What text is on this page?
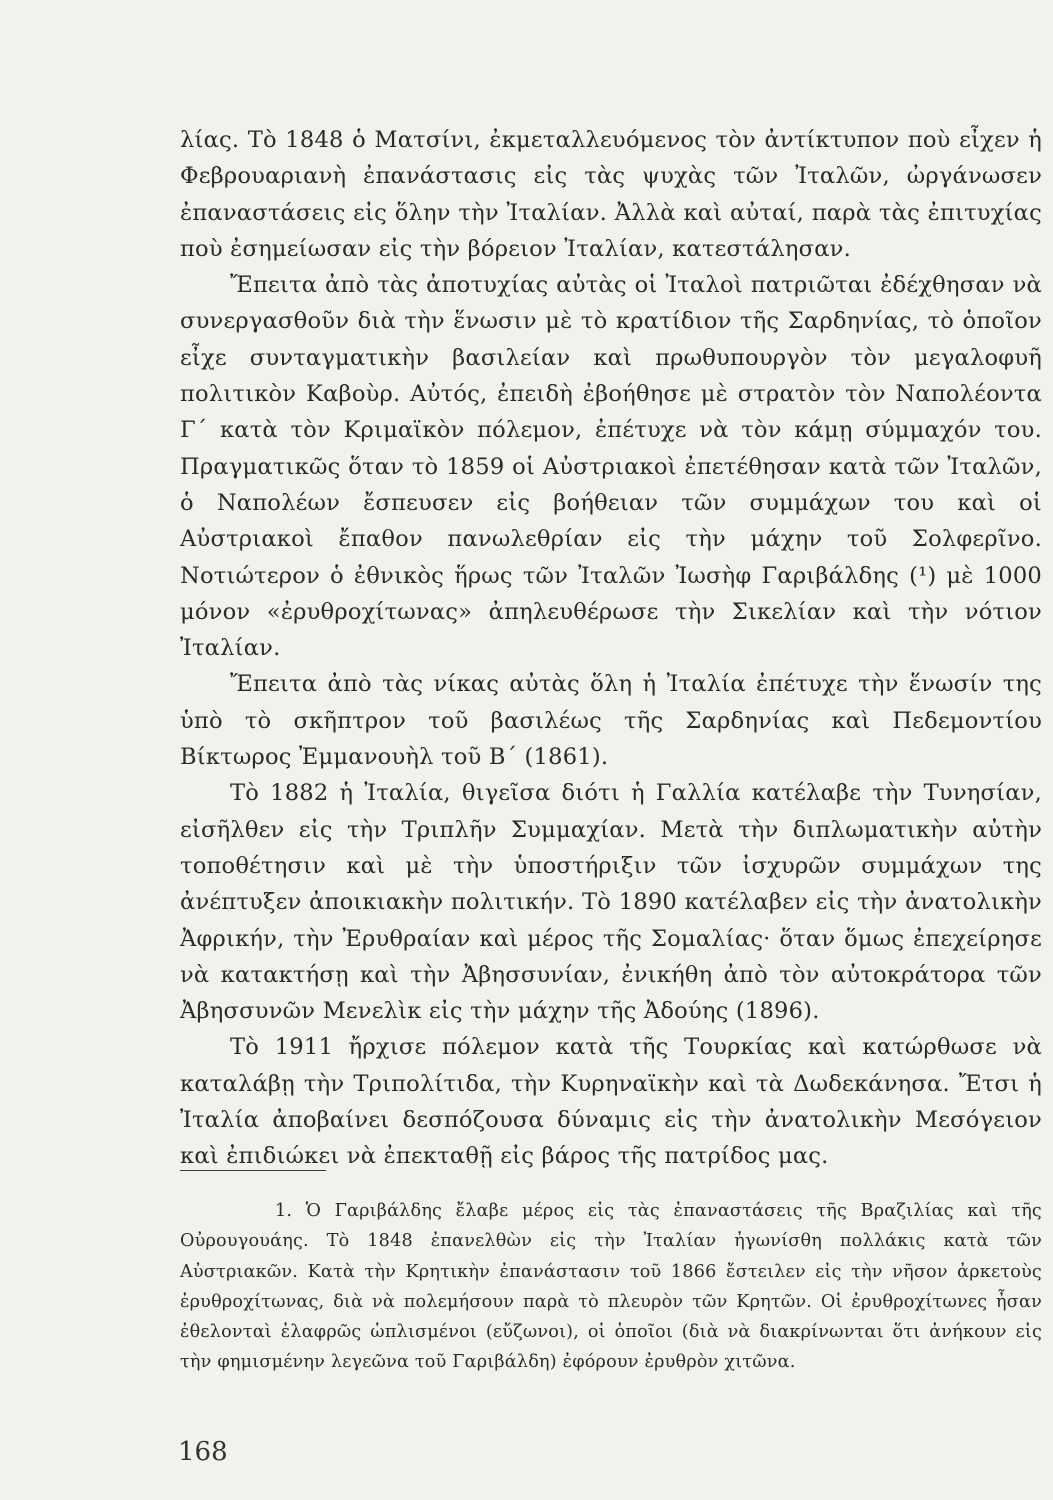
λίας. Τὸ 1848 ὁ Ματσίνι, ἐκμεταλλευόμενος τὸν ἀντίκτυπον ποὺ εἶχεν ἡ Φεβρουαριανὴ ἐπανάστασις εἰς τὰς ψυχὰς τῶν Ἰταλῶν, ὠργάνωσεν ἐπαναστάσεις εἰς ὅλην τὴν Ἰταλίαν. Ἀλλὰ καὶ αὐταί, παρὰ τὰς ἐπιτυχίας ποὺ ἐσημείωσαν εἰς τὴν βόρειον Ἰταλίαν, κατεστάλησαν.

Ἔπειτα ἀπὸ τὰς ἀποτυχίας αὐτὰς οἱ Ἰταλοὶ πατριῶται ἐδέχθησαν νὰ συνεργασθοῦν διὰ τὴν ἕνωσιν μὲ τὸ κρατίδιον τῆς Σαρδηνίας, τὸ ὁποῖον εἶχε συνταγματικὴν βασιλείαν καὶ πρωθυπουργὸν τὸν μεγαλοφυῆ πολιτικὸν Καβοὺρ. Αὐτός, ἐπειδὴ ἐβοήθησε μὲ στρατὸν τὸν Ναπολέοντα Γ΄ κατὰ τὸν Κριμαϊκὸν πόλεμον, ἐπέτυχε νὰ τὸν κάμῃ σύμμαχόν του. Πραγματικῶς ὅταν τὸ 1859 οἱ Αὐστριακοὶ ἐπετέθησαν κατὰ τῶν Ἰταλῶν, ὁ Ναπολέων ἔσπευσεν εἰς βοήθειαν τῶν συμμάχων του καὶ οἱ Αὐστριακοὶ ἔπαθον πανωλεθρίαν εἰς τὴν μάχην τοῦ Σολφερῖνο. Νοτιώτερον ὁ ἐθνικὸς ἥρως τῶν Ἰταλῶν Ἰωσὴφ Γαριβάλδης (¹) μὲ 1000 μόνον «ἐρυθροχίτωνας» ἀπηλευθέρωσε τὴν Σικελίαν καὶ τὴν νότιον Ἰταλίαν.

Ἔπειτα ἀπὸ τὰς νίκας αὐτὰς ὅλη ἡ Ἰταλία ἐπέτυχε τὴν ἕνωσίν της ὑπὸ τὸ σκῆπτρον τοῦ βασιλέως τῆς Σαρδηνίας καὶ Πεδεμοντίου Βίκτωρος Ἐμμανουὴλ τοῦ Β΄ (1861).

Τὸ 1882 ἡ Ἰταλία, θιγεῖσα διότι ἡ Γαλλία κατέλαβε τὴν Τυνησίαν, εἰσῆλθεν εἰς τὴν Τριπλῆν Συμμαχίαν. Μετὰ τὴν διπλωματικὴν αὐτὴν τοποθέτησιν καὶ μὲ τὴν ὑποστήριξιν τῶν ἰσχυρῶν συμμάχων της ἀνέπτυξεν ἀποικιακὴν πολιτικήν. Τὸ 1890 κατέλαβεν εἰς τὴν ἀνατολικὴν Ἀφρικήν, τὴν Ἐρυθραίαν καὶ μέρος τῆς Σομαλίας· ὅταν ὅμως ἐπεχείρησε νὰ κατακτήσῃ καὶ τὴν Ἀβησσυνίαν, ἐνικήθη ἀπὸ τὸν αὐτοκράτορα τῶν Ἀβησσυνῶν Μενελὶκ εἰς τὴν μάχην τῆς Ἀδούης (1896).

Τὸ 1911 ἤρχισε πόλεμον κατὰ τῆς Τουρκίας καὶ κατώρθωσε νὰ καταλάβῃ τὴν Τριπολίτιδα, τὴν Κυρηναϊκὴν καὶ τὰ Δωδεκάνησα. Ἔτσι ἡ Ἰταλία ἀποβαίνει δεσπόζουσα δύναμις εἰς τὴν ἀνατολικὴν Μεσόγειον καὶ ἐπιδιώκει νὰ ἐπεκταθῇ εἰς βάρος τῆς πατρίδος μας.

1. Ὁ Γαριβάλδης ἔλαβε μέρος εἰς τὰς ἐπαναστάσεις τῆς Βραζιλίας καὶ τῆς Οὐρουγουάης. Τὸ 1848 ἐπανελθὼν εἰς τὴν Ἰταλίαν ἠγωνίσθη πολλάκις κατὰ τῶν Αὐστριακῶν. Κατὰ τὴν Κρητικὴν ἐπανάστασιν τοῦ 1866 ἔστειλεν εἰς τὴν νῆσον ἀρκετοὺς ἐρυθροχίτωνας, διὰ νὰ πολεμήσουν παρὰ τὸ πλευρὸν τῶν Κρητῶν. Οἱ ἐρυθροχίτωνες ἦσαν ἐθελονταὶ ἐλαφρῶς ὡπλισμένοι (εὔζωνοι), οἱ ὁποῖοι (διὰ νὰ διακρίνωνται ὅτι ἀνήκουν εἰς τὴν φημισμένην λεγεῶνα τοῦ Γαριβάλδη) ἐφόρουν ἐρυθρὸν χιτῶνα.

168
